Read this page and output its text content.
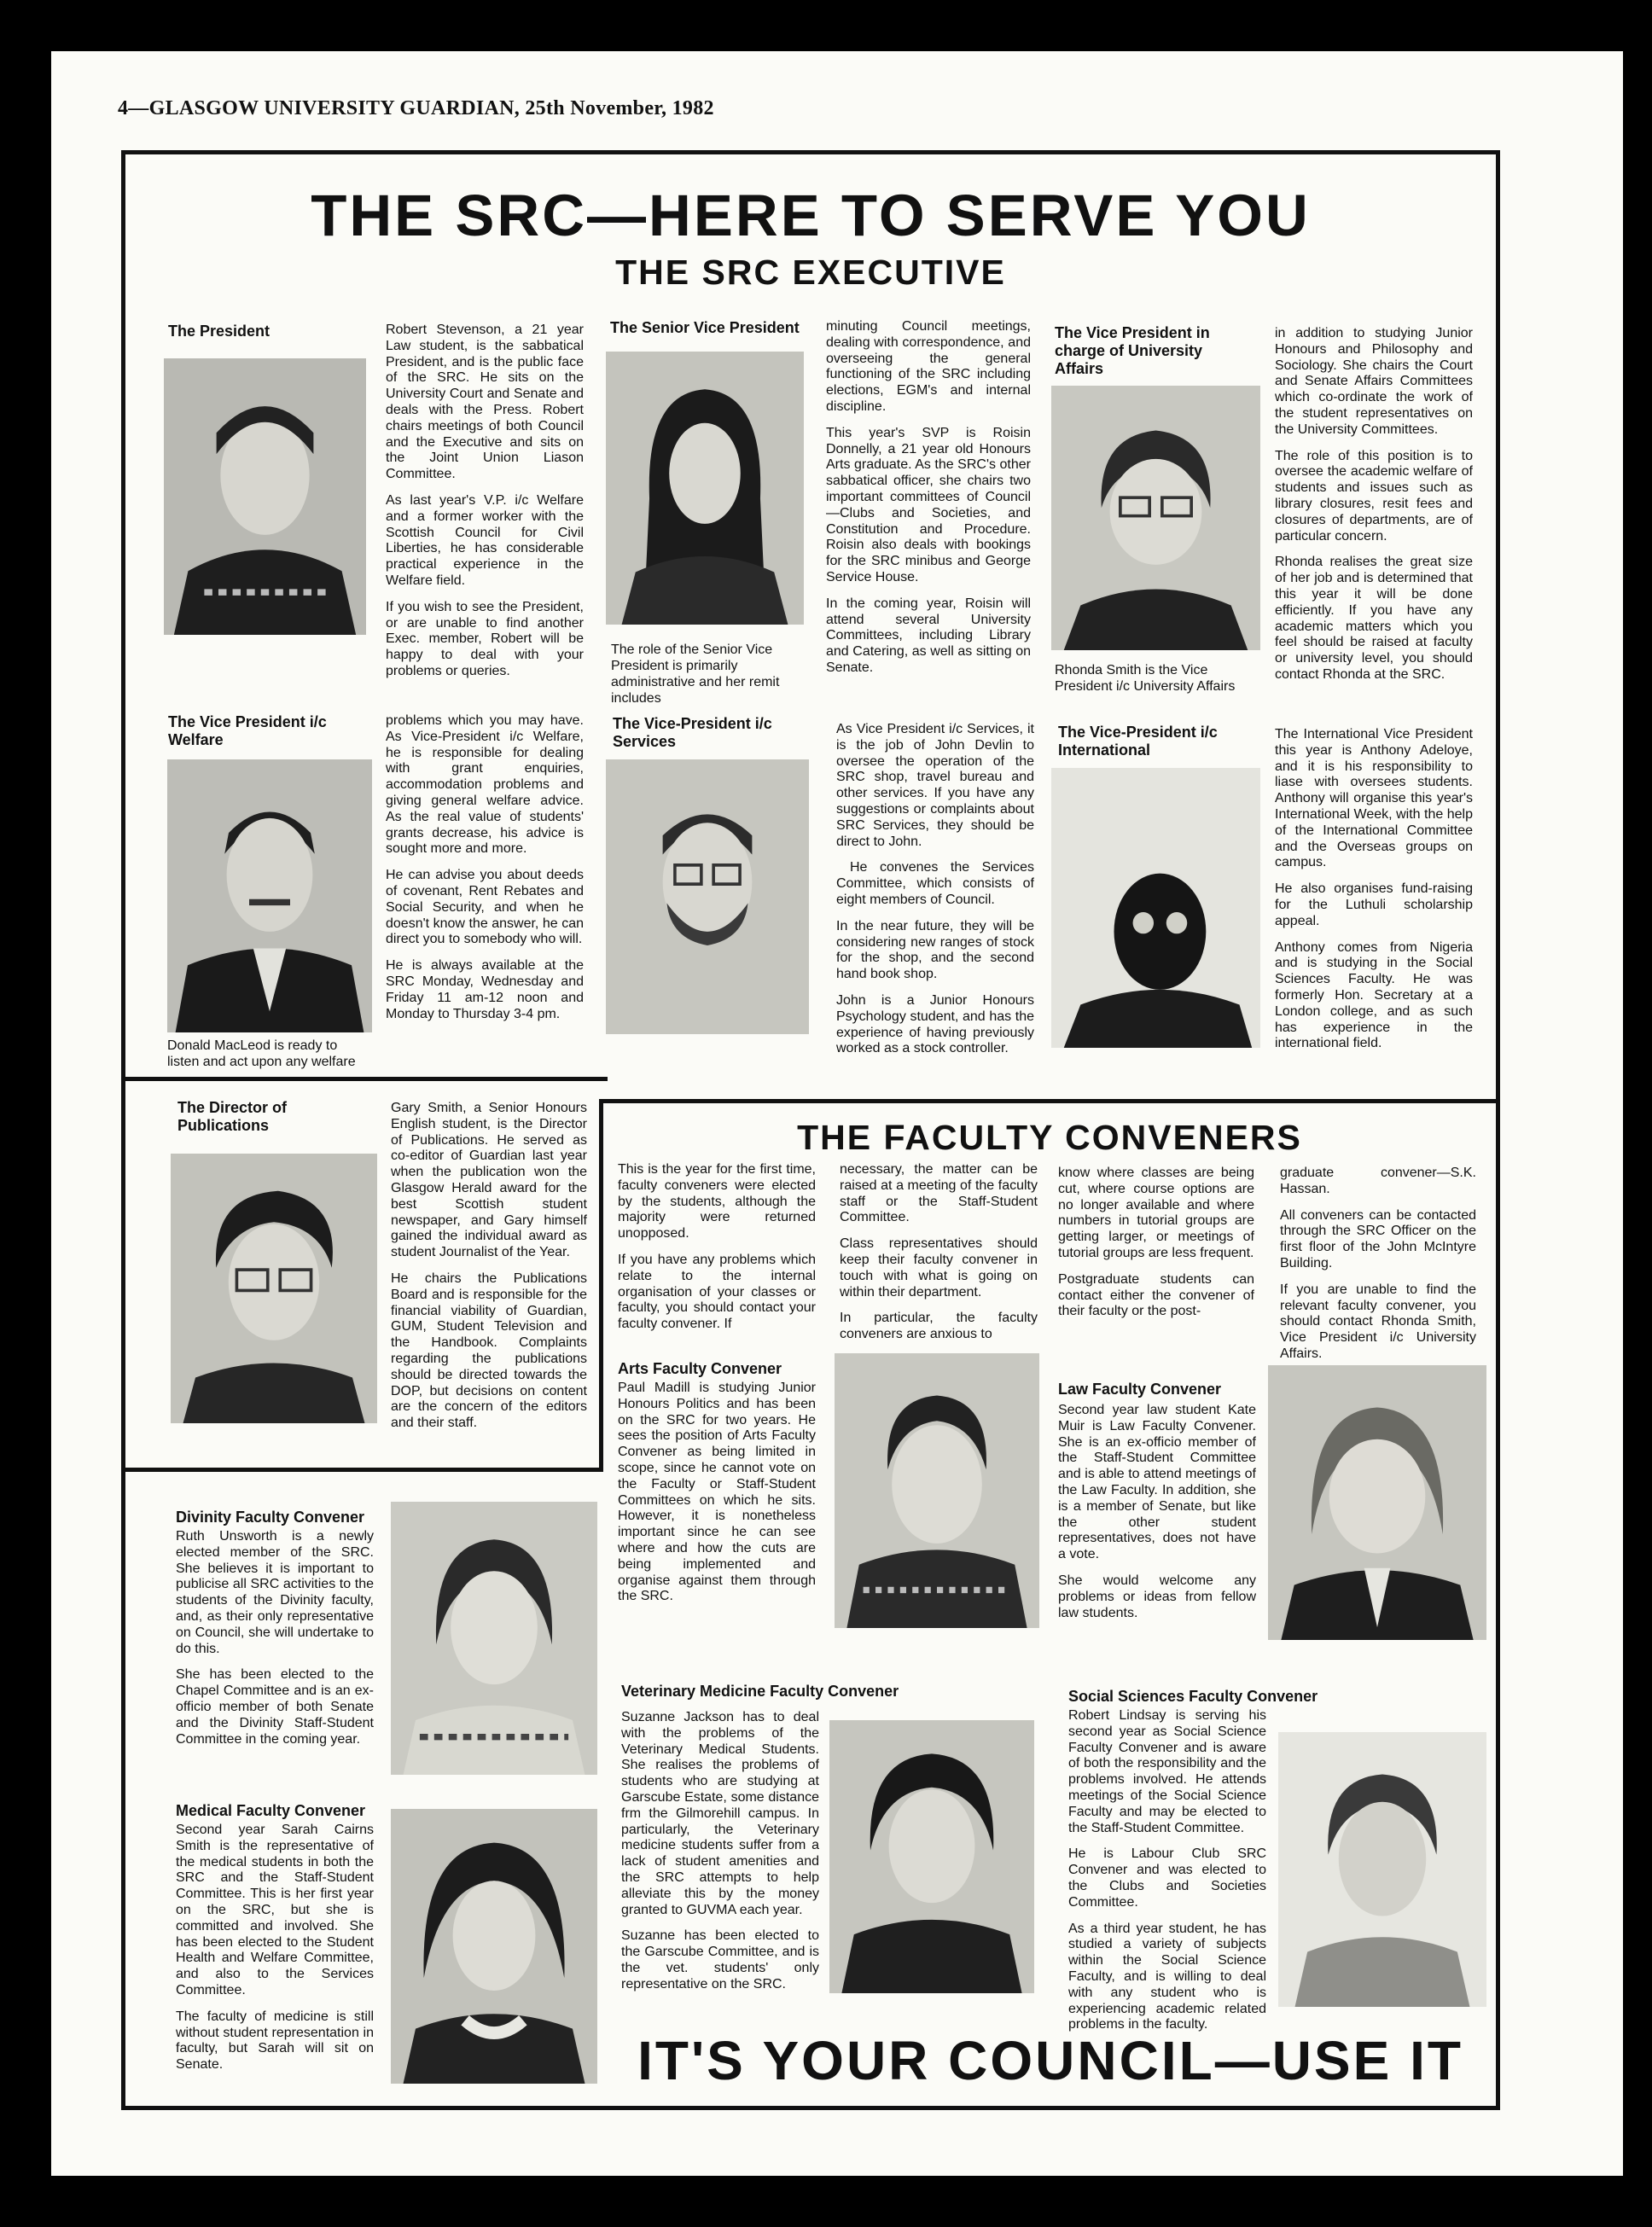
4—GLASGOW UNIVERSITY GUARDIAN, 25th November, 1982
THE SRC—HERE TO SERVE YOU
THE SRC EXECUTIVE
The President	Robert Stevenson, a 21 year Law student, is the sabbatical President, and is the public face of the SRC. He sits on the University Court and Senate and deals with the Press. Robert chairs meetings of both Council and the Executive and sits on the Joint Union Liason Committee.

As last year's V.P. i/c Welfare and a former worker with the Scottish Council for Civil Liberties, he has considerable practical experience in the Welfare field.

If you wish to see the President, or are unable to find another Exec. member, Robert will be happy to deal with your problems or queries.

The Senior Vice President
The role of the Senior Vice President is primarily administrative and her remit includes

minuting Council meetings, dealing with correspondence, and overseeing the general functioning of the SRC including elections, EGM's and internal discipline.

This year's SVP is Roisin Donnelly, a 21 year old Honours Arts graduate. As the SRC's other sabbatical officer, she chairs two important committees of Council—Clubs and Societies, and Constitution and Procedure. Roisin also deals with bookings for the SRC minibus and George Service House.

In the coming year, Roisin will attend several University Committees, including Library and Catering, as well as sitting on Senate.

The Vice President in charge of University Affairs
Rhonda Smith is the Vice President i/c University Affairs

in addition to studying Junior Honours and Philosophy and Sociology. She chairs the Court and Senate Affairs Committees which co-ordinate the work of the student representatives on the University Committees.

The role of this position is to oversee the academic welfare of students and issues such as library closures, resit fees and closures of departments, are of particular concern.

Rhonda realises the great size of her job and is determined that this year it will be done efficiently. If you have any academic matters which you feel should be raised at faculty or university level, you should contact Rhonda at the SRC.

The Vice President i/c Welfare
Donald MacLeod is ready to listen and act upon any welfare

problems which you may have. As Vice-President i/c Welfare, he is responsible for dealing with grant enquiries, accommodation problems and giving general welfare advice. As the real value of students' grants decrease, his advice is sought more and more.

He can advise you about deeds of covenant, Rent Rebates and Social Security, and when he doesn't know the answer, he can direct you to somebody who will.

He is always available at the SRC Monday, Wednesday and Friday 11 am-12 noon and Monday to Thursday 3-4 pm.

The Vice-President i/c Services

As Vice President i/c Services, it is the job of John Devlin to oversee the operation of the SRC shop, travel bureau and other services. If you have any suggestions or complaints about SRC Services, they should be direct to John.

He convenes the Services Committee, which consists of eight members of Council.

In the near future, they will be considering new ranges of stock for the shop, and the second hand book shop.

John is a Junior Honours Psychology student, and has the experience of having previously worked as a stock controller.

The Vice-President i/c International

The International Vice President this year is Anthony Adeloye, and it is his responsibility to liase with oversees students. Anthony will organise this year's International Week, with the help of the International Committee and the Overseas groups on campus.

He also organises fund-raising for the Luthuli scholarship appeal.

Anthony comes from Nigeria and is studying in the Social Sciences Faculty. He was formerly Hon. Secretary at a London college, and as such has experience in the international field.

The Director of Publications

Gary Smith, a Senior Honours English student, is the Director of Publications. He served as co-editor of Guardian last year when the publication won the Glasgow Herald award for the best Scottish student newspaper, and Gary himself gained the individual award as student Journalist of the Year.

He chairs the Publications Board and is responsible for the financial viability of Guardian, GUM, Student Television and the Handbook. Complaints regarding the publications should be directed towards the DOP, but decisions on content are the concern of the editors and their staff.

THE FACULTY CONVENERS

This is the year for the first time, faculty conveners were elected by the students, although the majority were returned unopposed.

If you have any problems which relate to the internal organisation of your classes or faculty, you should contact your faculty convener. If

necessary, the matter can be raised at a meeting of the faculty staff or the Staff-Student Committee.

Class representatives should keep their faculty convener in touch with what is going on within their department.

In particular, the faculty conveners are anxious to

know where classes are being cut, where course options are no longer available and where numbers in tutorial groups are getting larger, or meetings of tutorial groups are less frequent.

Postgraduate students can contact either the convener of their faculty or the post-

graduate convener—S.K. Hassan.

All conveners can be contacted through the SRC Officer on the first floor of the John McIntyre Building.

If you are unable to find the relevant faculty convener, you should contact Rhonda Smith, Vice President i/c University Affairs.

Arts Faculty Convener

Paul Madill is studying Junior Honours Politics and has been on the SRC for two years. He sees the position of Arts Faculty Convener as being limited in scope, since he cannot vote on the Faculty or Staff-Student Committees on which he sits. However, it is nonetheless important since he can see where and how the cuts are being implemented and organise against them through the SRC.

Law Faculty Convener

Second year law student Kate Muir is Law Faculty Convener. She is an ex-officio member of the Staff-Student Committee and is able to attend meetings of the Law Faculty. In addition, she is a member of Senate, but like the other student representatives, does not have a vote.

She would welcome any problems or ideas from fellow law students.

Divinity Faculty Convener

Ruth Unsworth is a newly elected member of the SRC. She believes it is important to publicise all SRC activities to the students of the Divinity faculty, and, as their only representative on Council, she will undertake to do this.

She has been elected to the Chapel Committee and is an ex-officio member of both Senate and the Divinity Staff-Student Committee in the coming year.

Medical Faculty Convener

Second year Sarah Cairns Smith is the representative of the medical students in both the SRC and the Staff-Student Committee. This is her first year on the SRC, but she is committed and involved. She has been elected to the Student Health and Welfare Committee, and also to the Services Committee.

The faculty of medicine is still without student representation in faculty, but Sarah will sit on Senate.

Veterinary Medicine Faculty Convener

Suzanne Jackson has to deal with the problems of the Veterinary Medical Students. She realises the problems of students who are studying at Garscube Estate, some distance frm the Gilmorehill campus. In particularly, the Veterinary medicine students suffer from a lack of student amenities and the SRC attempts to help alleviate this by the money granted to GUVMA each year.

Suzanne has been elected to the Garscube Committee, and is the vet. students' only representative on the SRC.

Social Sciences Faculty Convener

Robert Lindsay is serving his second year as Social Science Faculty Convener and is aware of both the responsibility and the problems involved. He attends meetings of the Social Science Faculty and may be elected to the Staff-Student Committee.

He is Labour Club SRC Convener and was elected to the Clubs and Societies Committee.

As a third year student, he has studied a variety of subjects within the Social Science Faculty, and is willing to deal with any student who is experiencing academic related problems in the faculty.

IT'S YOUR COUNCIL—USE IT
